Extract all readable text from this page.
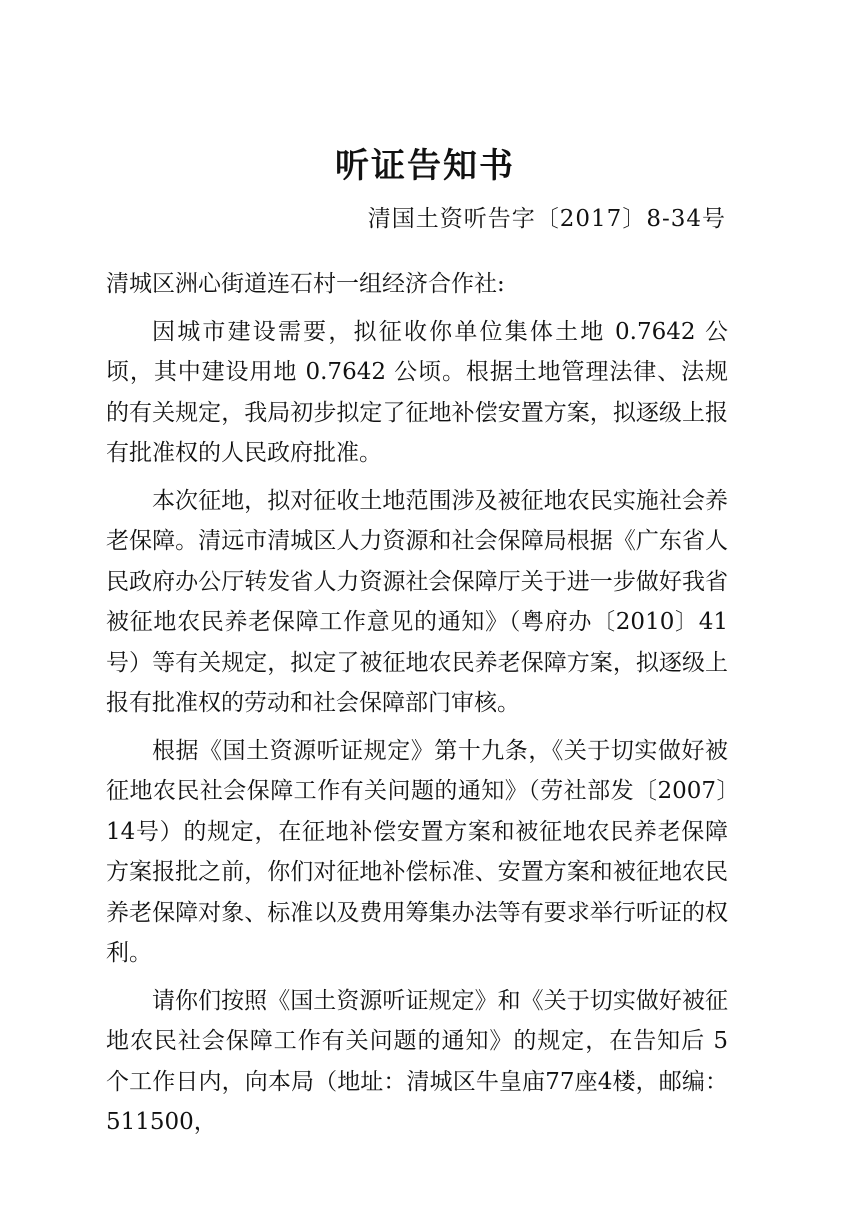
听证告知书
清国土资听告字〔2017〕8-34号

清城区洲心街道连石村一组经济合作社:

因城市建设需要，拟征收你单位集体土地 0.7642 公顷，其中建设用地 0.7642 公顷。根据土地管理法律、法规的有关规定，我局初步拟定了征地补偿安置方案，拟逐级上报有批准权的人民政府批准。

本次征地，拟对征收土地范围涉及被征地农民实施社会养老保障。清远市清城区人力资源和社会保障局根据《广东省人民政府办公厅转发省人力资源社会保障厅关于进一步做好我省被征地农民养老保障工作意见的通知》（粤府办〔2010〕41号）等有关规定，拟定了被征地农民养老保障方案，拟逐级上报有批准权的劳动和社会保障部门审核。

根据《国土资源听证规定》第十九条，《关于切实做好被征地农民社会保障工作有关问题的通知》（劳社部发〔2007〕14号）的规定，在征地补偿安置方案和被征地农民养老保障方案报批之前，你们对征地补偿标准、安置方案和被征地农民养老保障对象、标准以及费用筹集办法等有要求举行听证的权利。

请你们按照《国土资源听证规定》和《关于切实做好被征地农民社会保障工作有关问题的通知》的规定，在告知后 5 个工作日内，向本局（地址：清城区牛皇庙77座4楼，邮编：511500，
